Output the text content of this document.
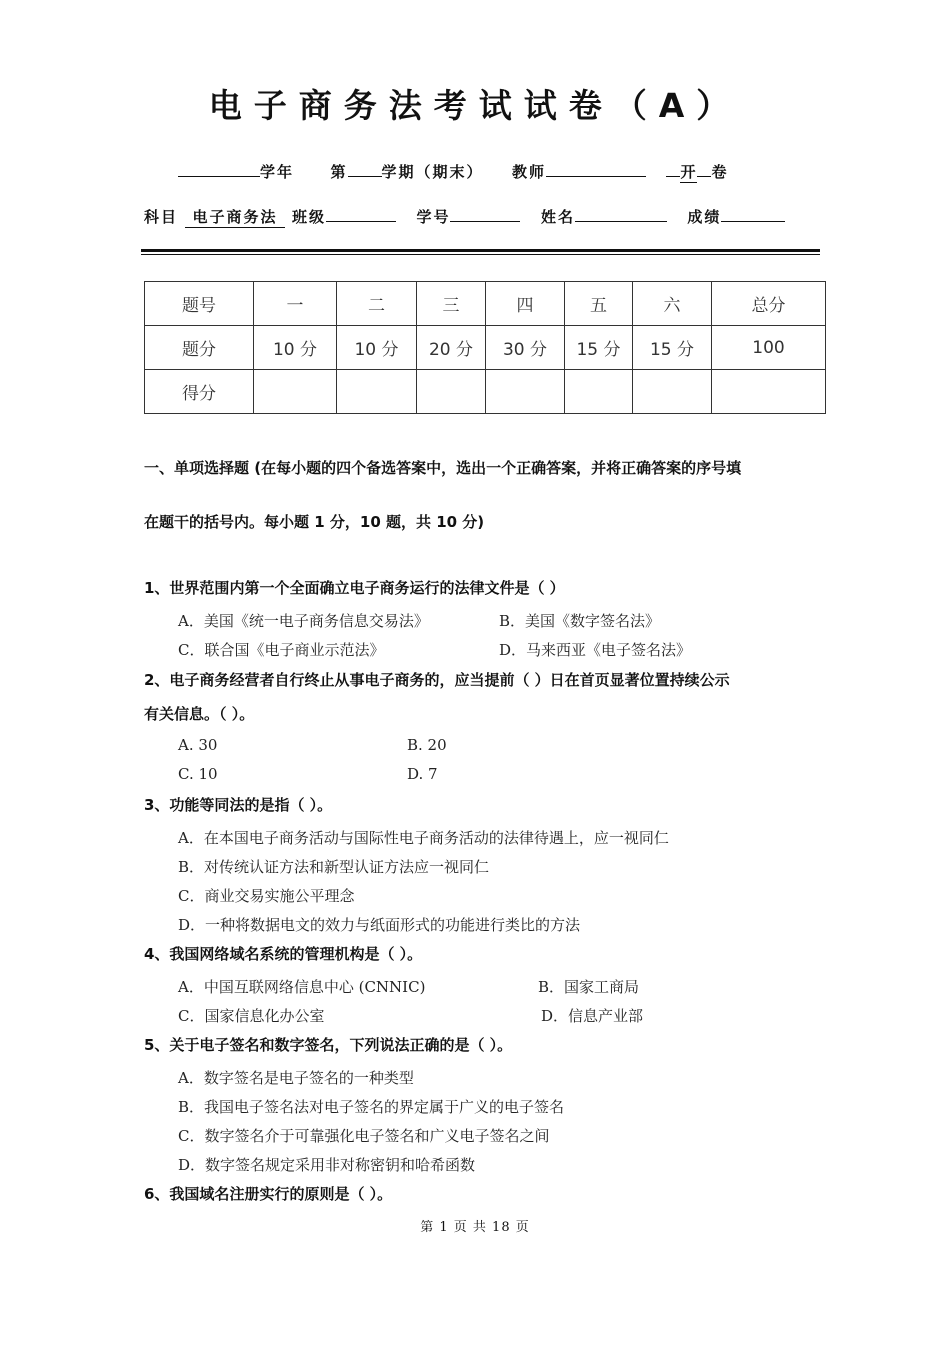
电子商务法考试试卷（A）
学年 第 学期（期末） 教师	开 卷
科目 电子商务法 班级	学号	姓名	成绩
题号	一	二	三	四	五	六	总分
题分	10 分	10 分	20 分	30 分	15 分	15 分	100
得分							
一、单项选择题 (在每小题的四个备选答案中，选出一个正确答案，并将正确答案的序号填
在题干的括号内。每小题 1 分，10 题，共 10 分)
1、世界范围内第一个全面确立电子商务运行的法律文件是（ ）
A．美国《统一电子商务信息交易法》	B．美国《数字签名法》
C．联合国《电子商业示范法》	D．马来西亚《电子签名法》
2、电子商务经营者自行终止从事电子商务的，应当提前（ ）日在首页显著位置持续公示
有关信息。（ ）。
A. 30	B. 20
C. 10	D. 7
3、功能等同法的是指（ ）。
A．在本国电子商务活动与国际性电子商务活动的法律待遇上，应一视同仁
B．对传统认证方法和新型认证方法应一视同仁
C．商业交易实施公平理念
D．一种将数据电文的效力与纸面形式的功能进行类比的方法
4、我国网络域名系统的管理机构是（ ）。
A．中国互联网络信息中心 (CNNIC)	B．国家工商局
C．国家信息化办公室	D．信息产业部
5、关于电子签名和数字签名，下列说法正确的是（ ）。
A．数字签名是电子签名的一种类型
B．我国电子签名法对电子签名的界定属于广义的电子签名
C．数字签名介于可靠强化电子签名和广义电子签名之间
D．数字签名规定采用非对称密钥和哈希函数
6、我国域名注册实行的原则是（ ）。
第 1 页 共 18 页
